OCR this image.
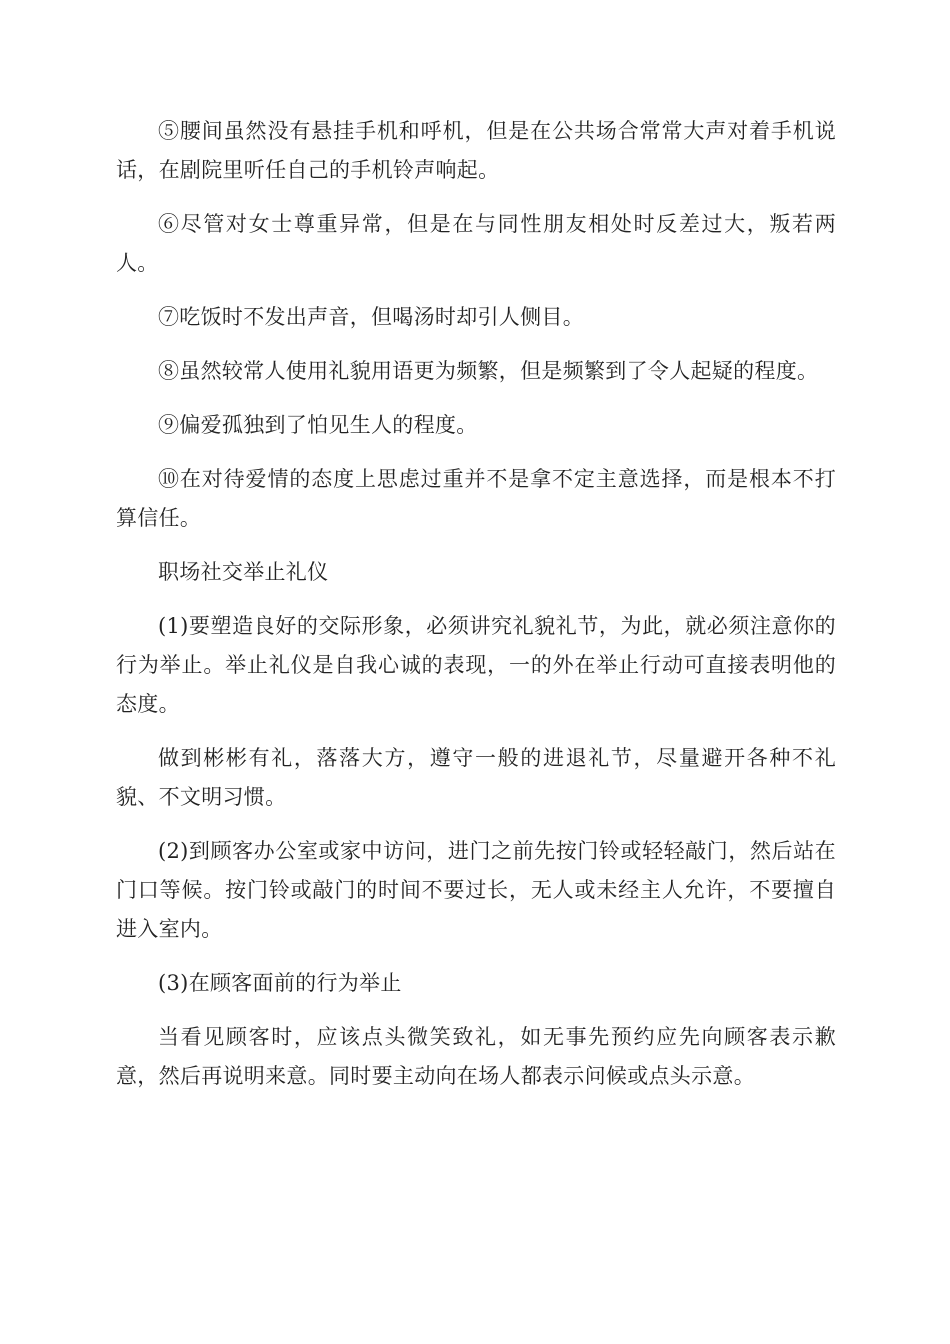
⑤腰间虽然没有悬挂手机和呼机，但是在公共场合常常大声对着手机说话，在剧院里听任自己的手机铃声响起。

⑥尽管对女士尊重异常，但是在与同性朋友相处时反差过大，叛若两人。

⑦吃饭时不发出声音，但喝汤时却引人侧目。

⑧虽然较常人使用礼貌用语更为频繁，但是频繁到了令人起疑的程度。

⑨偏爱孤独到了怕见生人的程度。

⑩在对待爱情的态度上思虑过重并不是拿不定主意选择，而是根本不打算信任。

职场社交举止礼仪

(1)要塑造良好的交际形象，必须讲究礼貌礼节，为此，就必须注意你的行为举止。举止礼仪是自我心诚的表现，一的外在举止行动可直接表明他的态度。

做到彬彬有礼，落落大方，遵守一般的进退礼节，尽量避开各种不礼貌、不文明习惯。

(2)到顾客办公室或家中访问，进门之前先按门铃或轻轻敲门，然后站在门口等候。按门铃或敲门的时间不要过长，无人或未经主人允许，不要擅自进入室内。

(3)在顾客面前的行为举止

当看见顾客时，应该点头微笑致礼，如无事先预约应先向顾客表示歉意，然后再说明来意。同时要主动向在场人都表示问候或点头示意。
